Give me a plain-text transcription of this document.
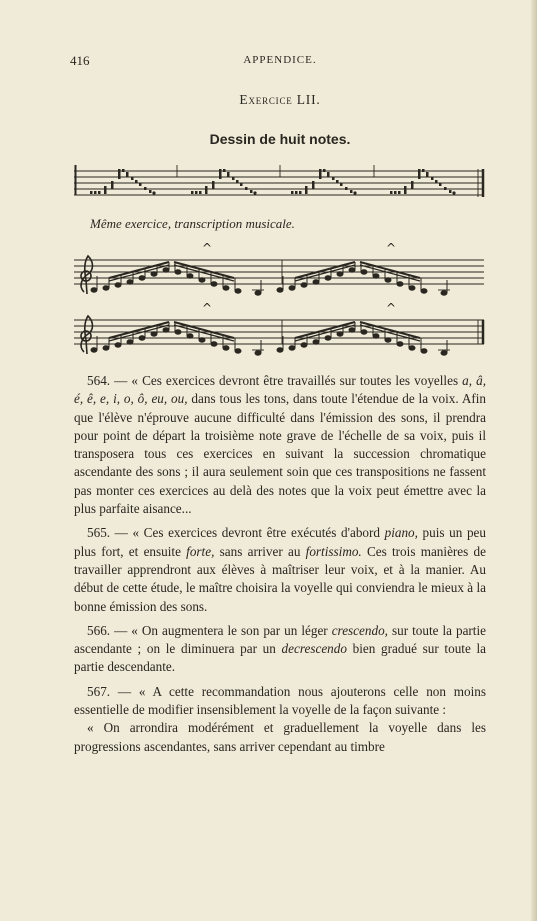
416	APPENDICE.
Exercice LII.
Dessin de huit notes.
Même exercice, transcription musicale.
^	^
^	^

564. — « Ces exercices devront être travaillés sur toutes les voyelles a, â, é, ê, e, i, o, ô, eu, ou, dans tous les tons, dans toute l'étendue de la voix. Afin que l'élève n'éprouve aucune difficulté dans l'émission des sons, il prendra pour point de départ la troisième note grave de l'échelle de sa voix, puis il transposera tous ces exercices en suivant la succession chromatique ascendante des sons ; il aura seulement soin que ces transpositions ne fassent pas monter ces exercices au delà des notes que la voix peut émettre avec la plus parfaite aisance...

565. — « Ces exercices devront être exécutés d'abord piano, puis un peu plus fort, et ensuite forte, sans arriver au fortissimo. Ces trois manières de travailler apprendront aux élèves à maîtriser leur voix, et à la manier. Au début de cette étude, le maître choisira la voyelle qui conviendra le mieux à la bonne émission des sons.

566. — « On augmentera le son par un léger crescendo, sur toute la partie ascendante ; on le diminuera par un decrescendo bien gradué sur toute la partie descendante.

567. — « A cette recommandation nous ajouterons celle non moins essentielle de modifier insensiblement la voyelle de la façon suivante :

« On arrondira modérément et graduellement la voyelle dans les progressions ascendantes, sans arriver cependant au timbre
